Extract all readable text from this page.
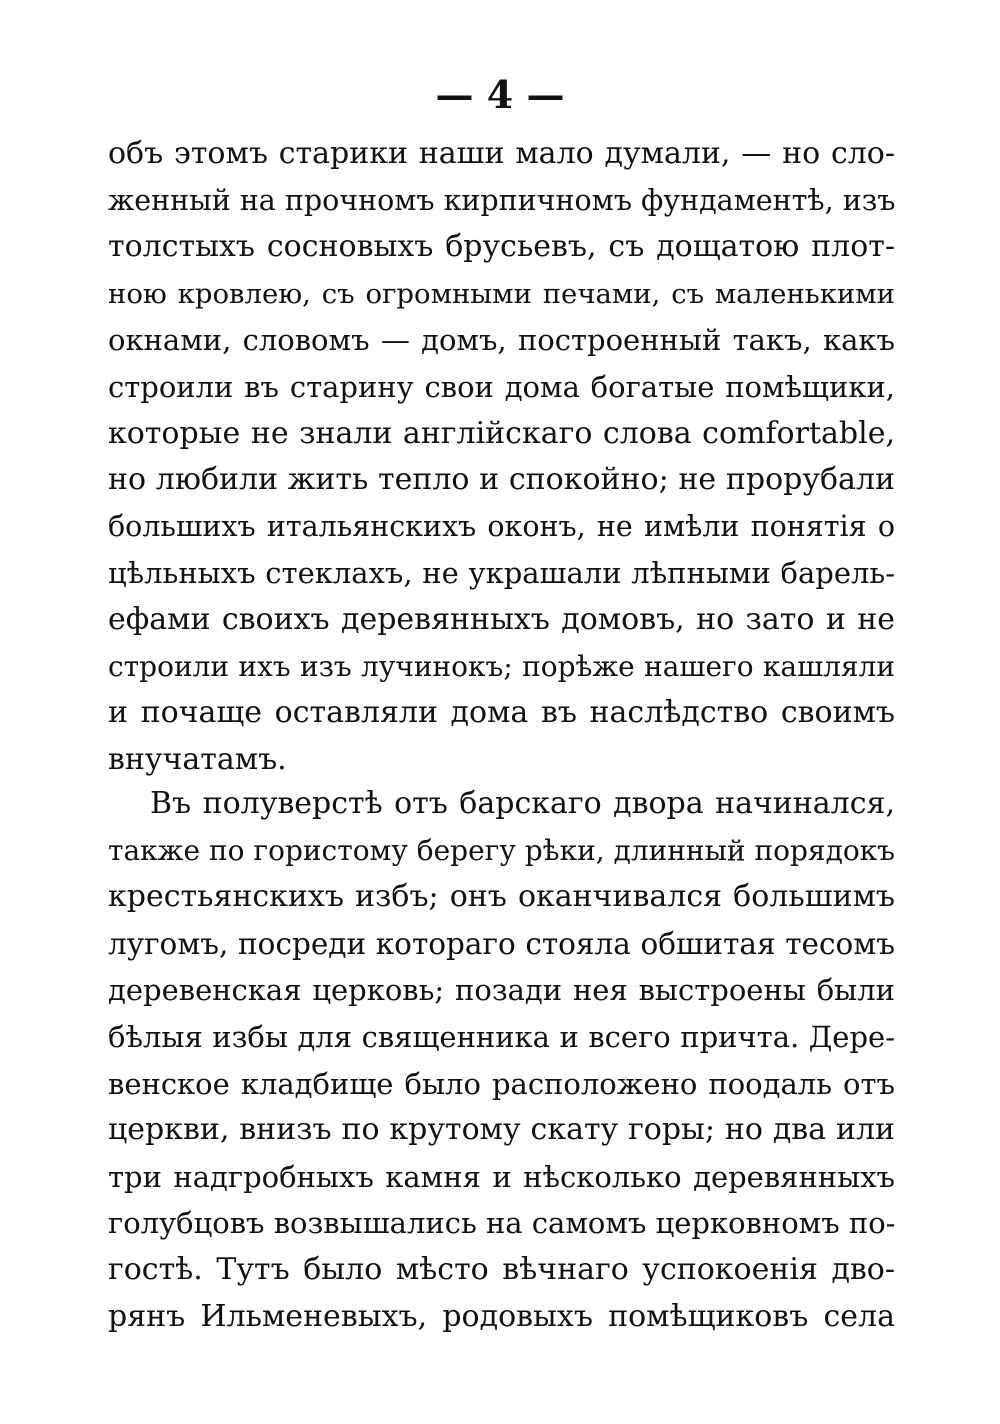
— 4 —
объ этомъ старики наши мало думали, — но сло-
женный на прочномъ кирпичномъ фундаментѣ, изъ
толстыхъ сосновыхъ брусьевъ, съ дощатою плот-
ною кровлею, съ огромными печами, съ маленькими
окнами, словомъ — домъ, построенный такъ, какъ
строили въ старину свои дома богатые помѣщики,
которые не знали англійскаго слова comfortable,
но любили жить тепло и спокойно; не прорубали
большихъ итальянскихъ оконъ, не имѣли понятія о
цѣльныхъ стеклахъ, не украшали лѣпными барель-
ефами своихъ деревянныхъ домовъ, но зато и не
строили ихъ изъ лучинокъ; порѣже нашего кашляли
и почаще оставляли дома въ наслѣдство своимъ
внучатамъ.
Въ полуверстѣ отъ барскаго двора начинался,
также по гористому берегу рѣки, длинный порядокъ
крестьянскихъ избъ; онъ оканчивался большимъ
лугомъ, посреди котораго стояла обшитая тесомъ
деревенская церковь; позади нея выстроены были
бѣлыя избы для священника и всего причта. Дере-
венское кладбище было расположено поодаль отъ
церкви, внизъ по крутому скату горы; но два или
три надгробныхъ камня и нѣсколько деревянныхъ
голубцовъ возвышались на самомъ церковномъ по-
гостѣ. Тутъ было мѣсто вѣчнаго успокоенія дво-
рянъ Ильменевыхъ, родовыхъ помѣщиковъ села
